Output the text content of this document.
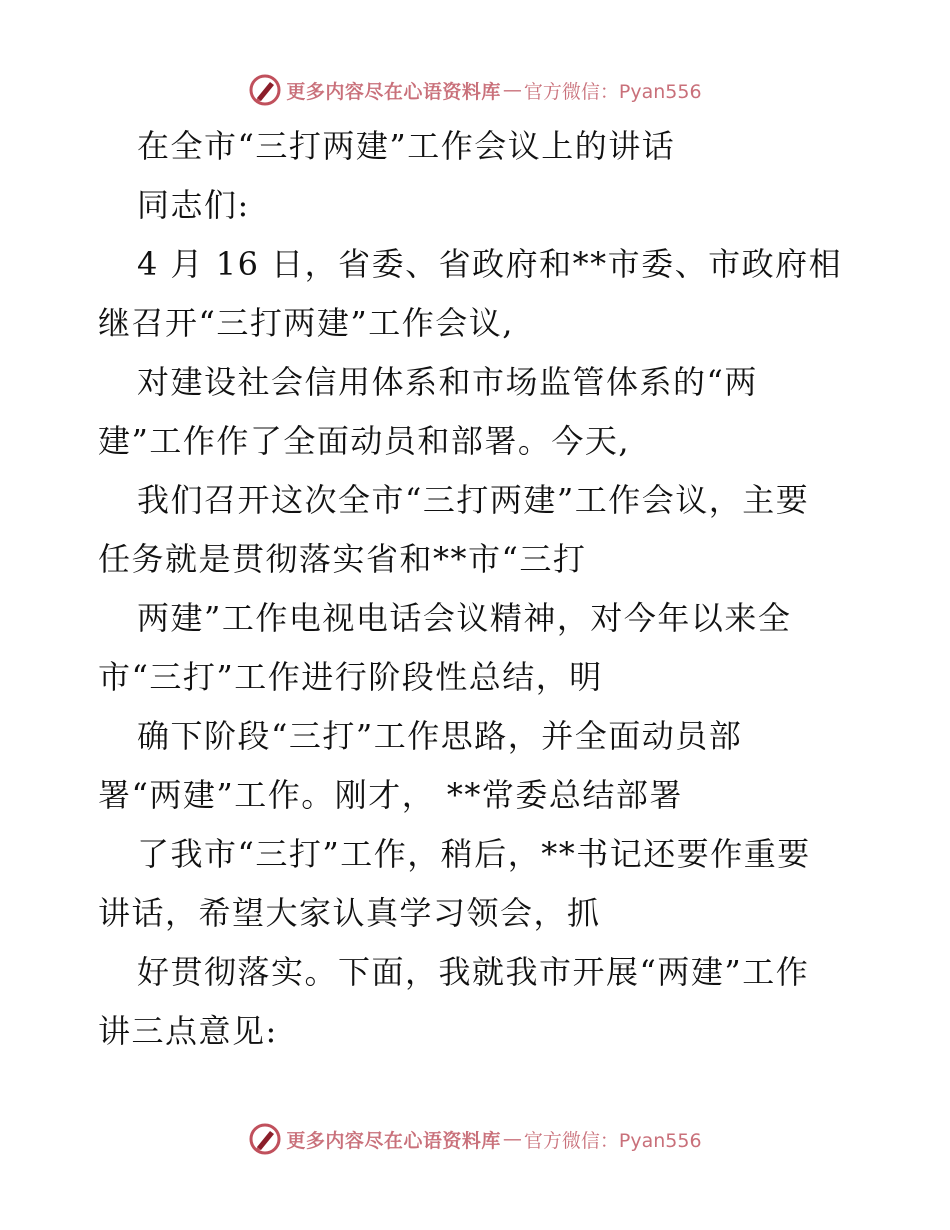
更多内容尽在心语资料库 — 官方微信：Pyan556
在全市“三打两建”工作会议上的讲话
同志们:
4 月 16 日，省委、省政府和**市委、市政府相
继召开“三打两建”工作会议,
对建设社会信用体系和市场监管体系的“两
建”工作作了全面动员和部署。今天,
我们召开这次全市“三打两建”工作会议，主要
任务就是贯彻落实省和**市“三打
两建”工作电视电话会议精神，对今年以来全
市“三打”工作进行阶段性总结，明
确下阶段“三打”工作思路，并全面动员部
署“两建”工作。刚才， **常委总结部署
了我市“三打”工作，稍后，**书记还要作重要
讲话，希望大家认真学习领会，抓
好贯彻落实。下面，我就我市开展“两建”工作
讲三点意见:
更多内容尽在心语资料库 — 官方微信：Pyan556
